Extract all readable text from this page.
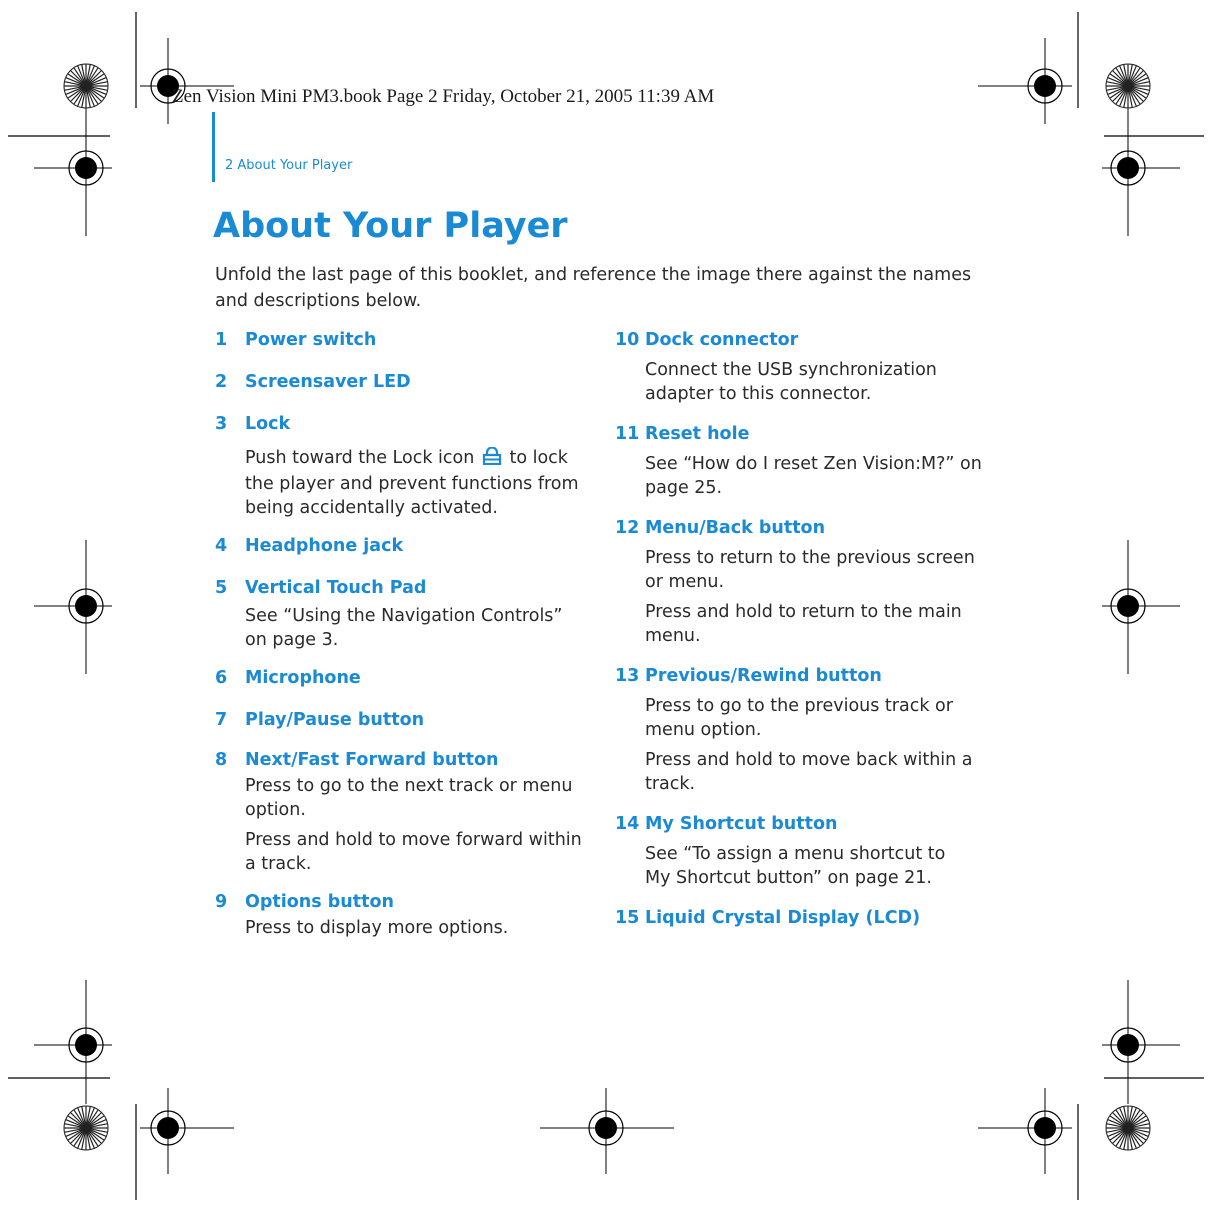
Zen Vision Mini PM3.book Page 2 Friday, October 21, 2005 11:39 AM
2 About Your Player
About Your Player

Unfold the last page of this booklet, and reference the image there against the names and descriptions below.

1	Power switch
2	Screensaver LED
3	Lock

Push toward the Lock icon to lock the player and prevent functions from being accidentally activated.

4	Headphone jack
5	Vertical Touch Pad

See “Using the Navigation Controls” on page 3.

6	Microphone
7	Play/Pause button
8	Next/Fast Forward button

Press to go to the next track or menu option.

Press and hold to move forward within a track.

9	Options button

Press to display more options.

10 Dock connector

Connect the USB synchronization adapter to this connector.

11 Reset hole

See “How do I reset Zen Vision:M?” on page 25.

12 Menu/Back button

Press to return to the previous screen or menu.

Press and hold to return to the main menu.

13 Previous/Rewind button

Press to go to the previous track or menu option.

Press and hold to move back within a track.

14 My Shortcut button

See “To assign a menu shortcut to My Shortcut button” on page 21.

15 Liquid Crystal Display (LCD)
